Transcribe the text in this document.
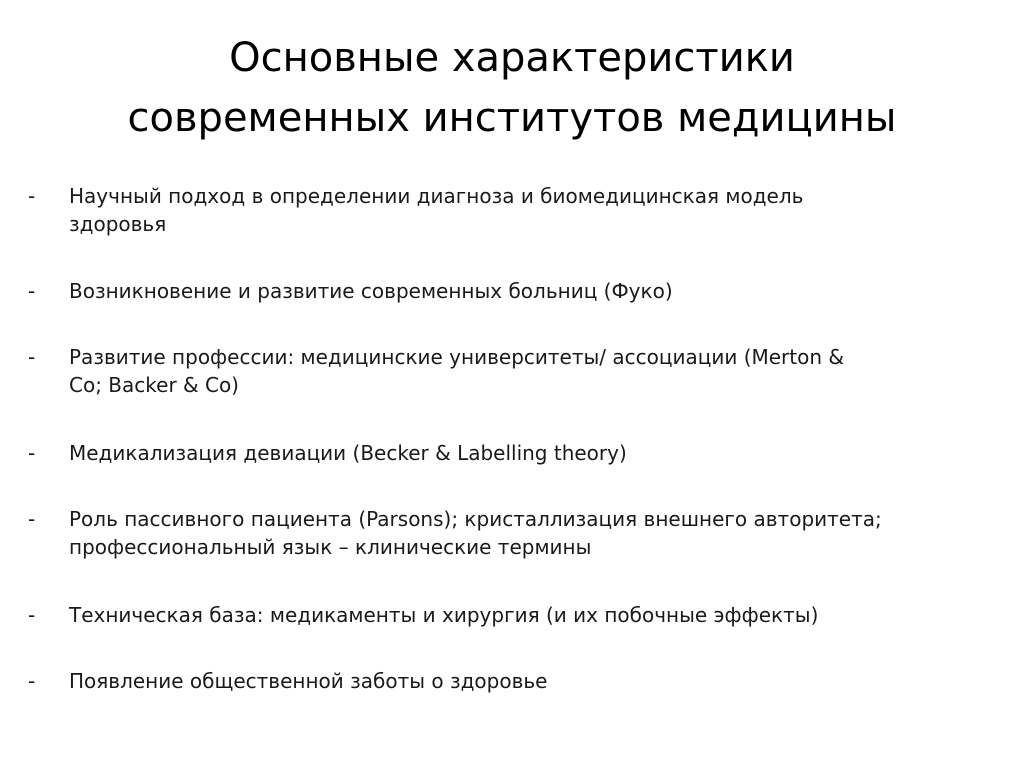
Основные характеристики
современных институтов медицины
- Научный подход в определении диагноза и биомедицинская модель
здоровья
- Возникновение и развитие современных больниц (Фуко)
- Развитие профессии: медицинские университеты/ ассоциации (Merton &
Co; Backer & Co)
- Медикализация девиации (Becker & Labelling theory)
- Роль пассивного пациента (Parsons); кристаллизация внешнего авторитета;
профессиональный язык – клинические термины
- Техническая база: медикаменты и хирургия (и их побочные эффекты)
- Появление общественной заботы о здоровье
